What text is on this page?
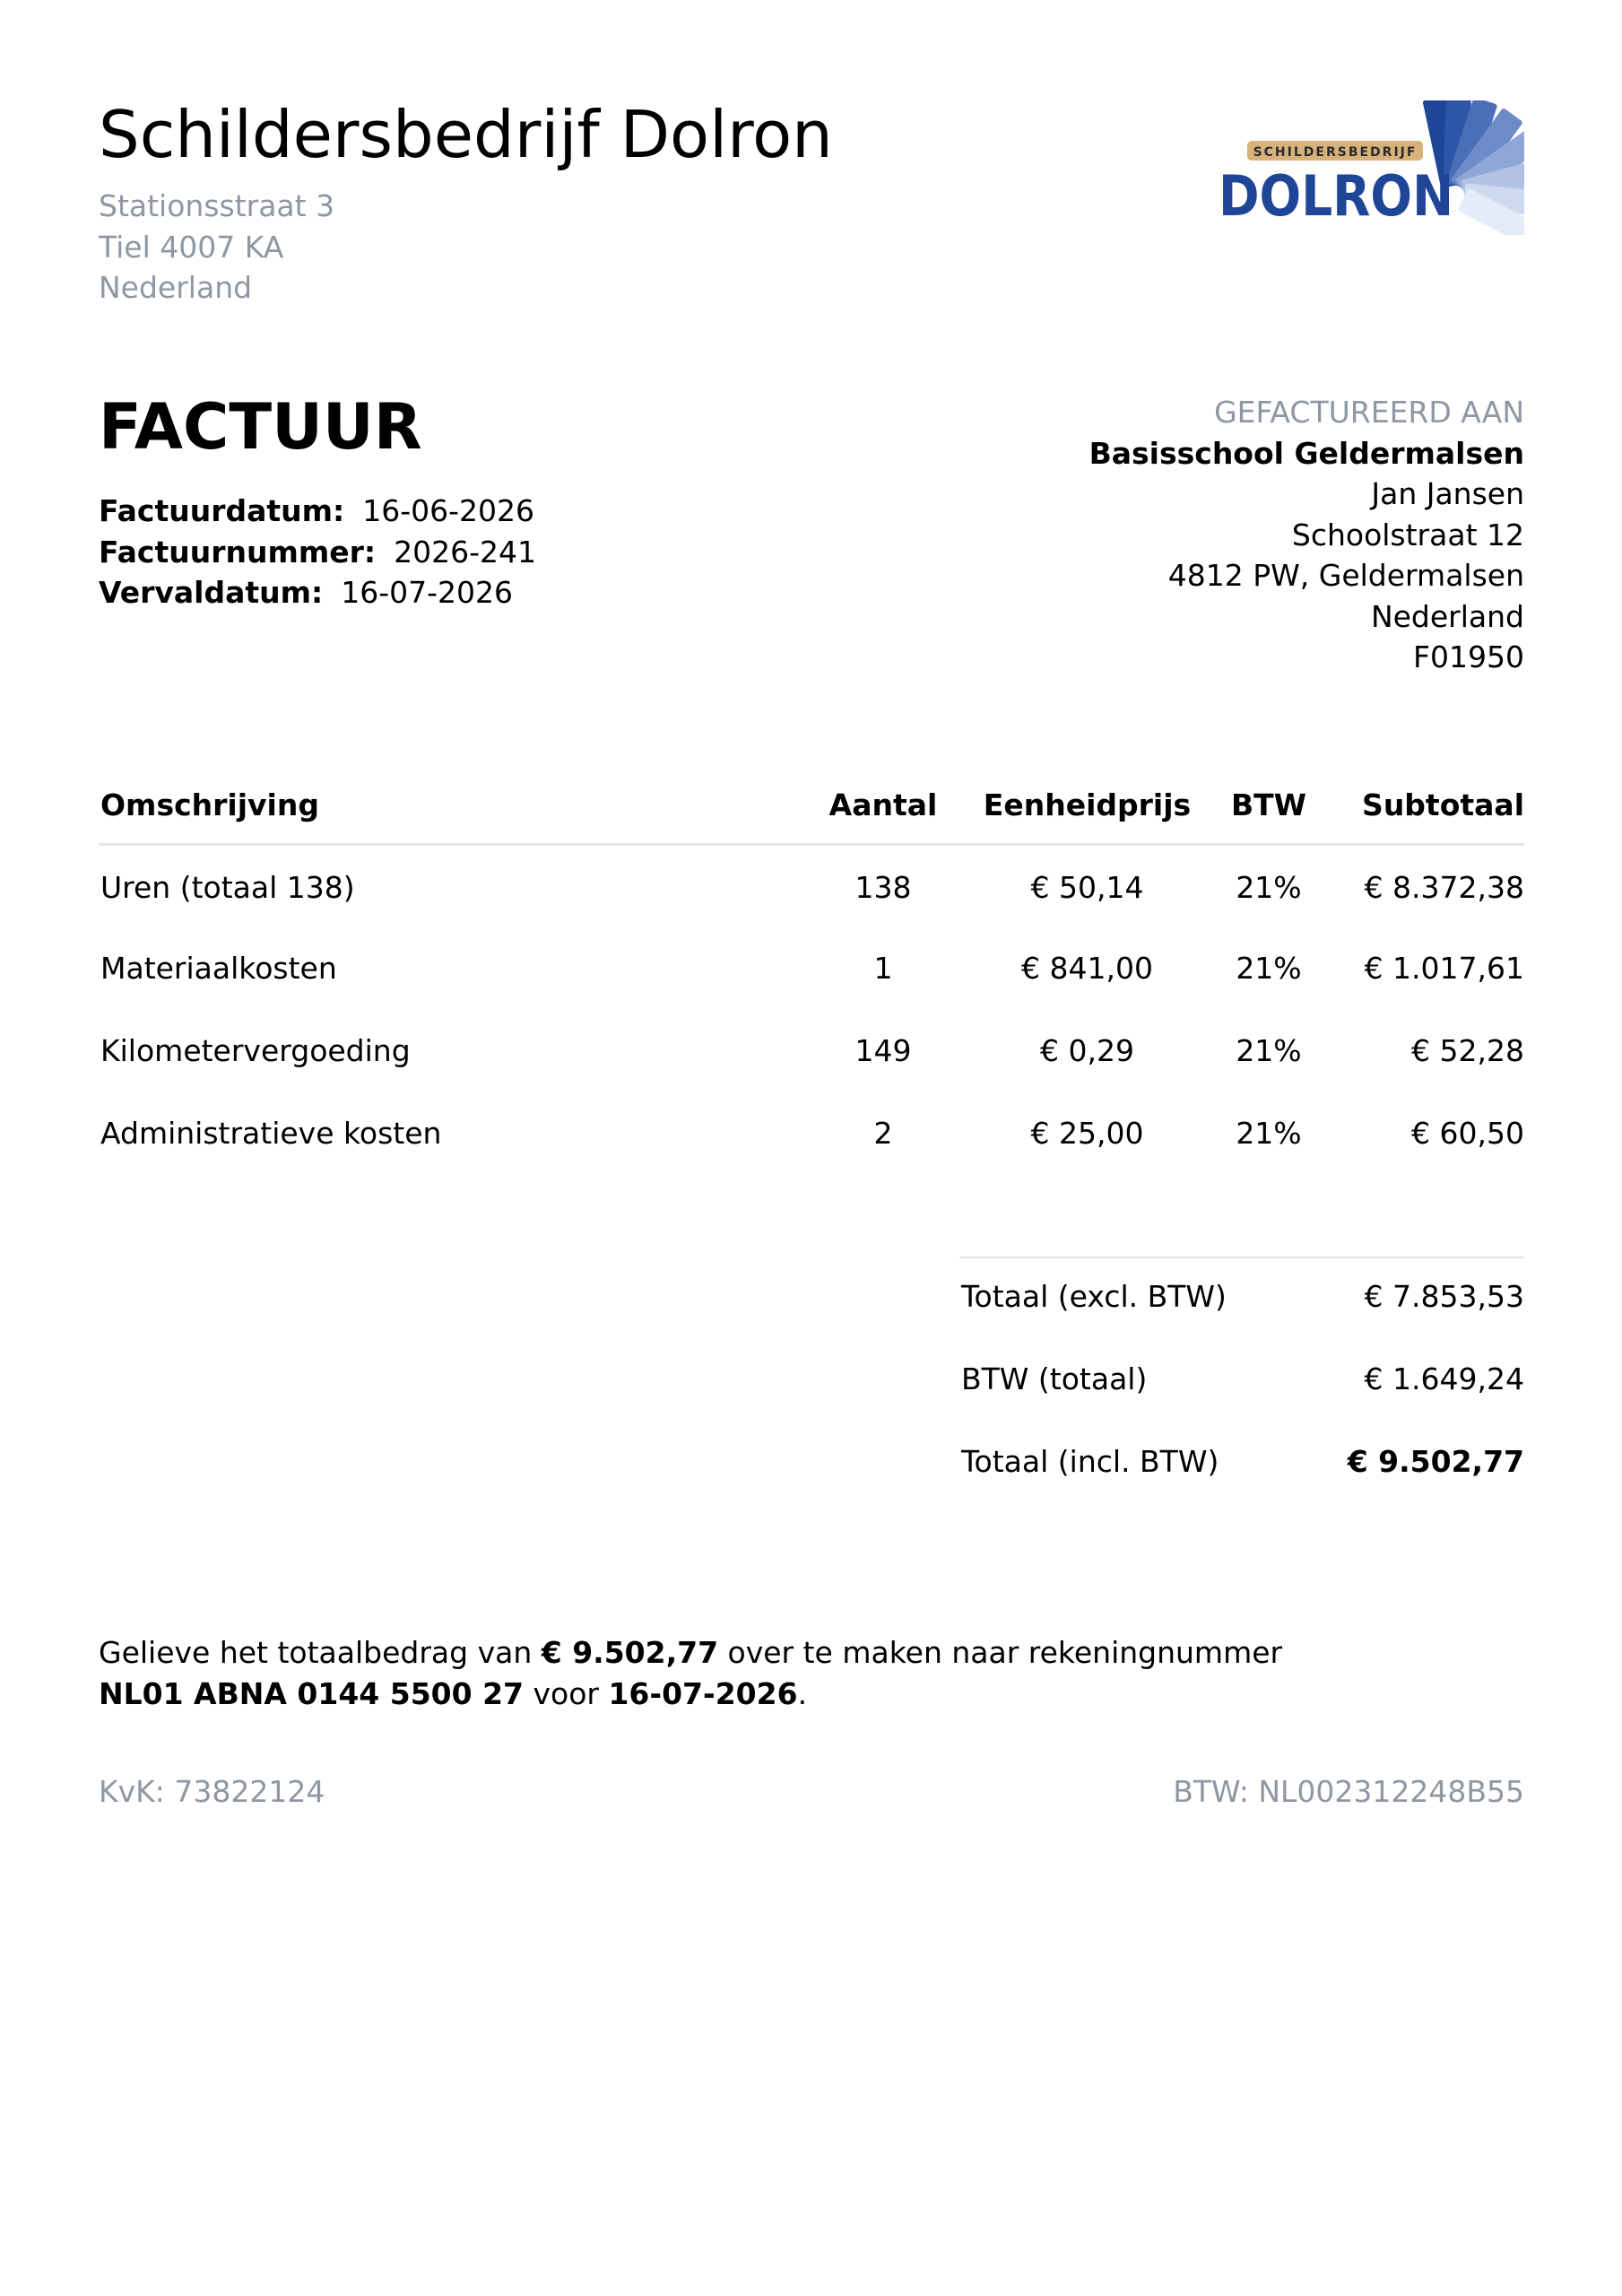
Schildersbedrijf Dolron
Stationsstraat 3
Tiel 4007 KA
Nederland
SCHILDERSBEDRIJF
DOLRON
FACTUUR
Factuurdatum: 16-06-2026
Factuurnummer: 2026-241
Vervaldatum: 16-07-2026
GEFACTUREERD AAN
Basisschool Geldermalsen
Jan Jansen
Schoolstraat 12
4812 PW, Geldermalsen
Nederland
F01950
Omschrijving	Aantal	Eenheidprijs	BTW	Subtotaal
Uren (totaal 138)	138	€ 50,14	21%	€ 8.372,38
Materiaalkosten	1	€ 841,00	21%	€ 1.017,61
Kilometervergoeding	149	€ 0,29	21%	€ 52,28
Administratieve kosten	2	€ 25,00	21%	€ 60,50
Totaal (excl. BTW)	€ 7.853,53
BTW (totaal)	€ 1.649,24
Totaal (incl. BTW)	€ 9.502,77
Gelieve het totaalbedrag van € 9.502,77 over te maken naar rekeningnummer
NL01 ABNA 0144 5500 27 voor 16-07-2026.
KvK: 73822124	BTW: NL002312248B55
